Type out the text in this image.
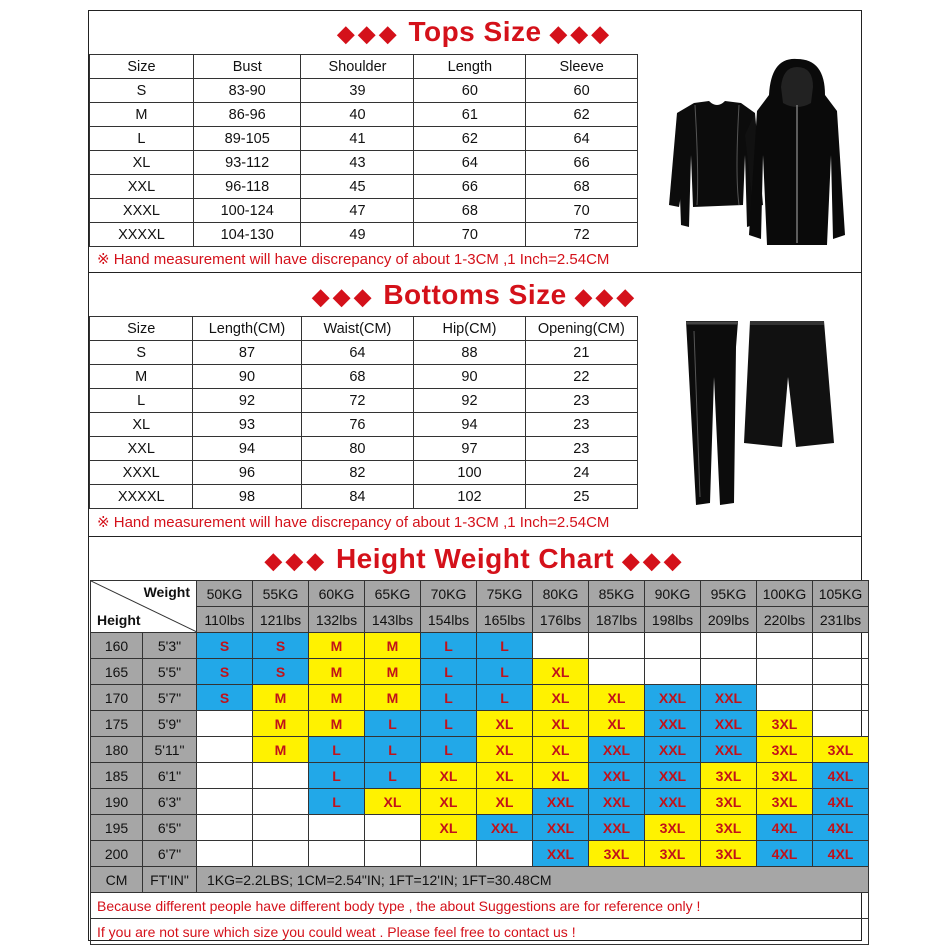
◆◆◆ Tops Size ◆◆◆
Size	Bust	Shoulder	Length	Sleeve
S	83-90	39	60	60
M	86-96	40	61	62
L	89-105	41	62	64
XL	93-112	43	64	66
XXL	96-118	45	66	68
XXXL	100-124	47	68	70
XXXXL	104-130	49	70	72
※ Hand measurement will have discrepancy of about 1-3CM ,1 Inch=2.54CM
◆◆◆ Bottoms Size ◆◆◆
Size	Length(CM)	Waist(CM)	Hip(CM)	Opening(CM)
S	87	64	88	21
M	90	68	90	22
L	92	72	92	23
XL	93	76	94	23
XXL	94	80	97	23
XXXL	96	82	100	24
XXXXL	98	84	102	25
※ Hand measurement will have discrepancy of about 1-3CM ,1 Inch=2.54CM
◆◆◆ Height Weight Chart ◆◆◆
Weight
Height		50KG	55KG	60KG	65KG	70KG	75KG	80KG	85KG	90KG	95KG	100KG	105KG
		110lbs	121lbs	132lbs	143lbs	154lbs	165lbs	176lbs	187lbs	198lbs	209lbs	220lbs	231lbs
160	5'3"	S	S	M	M	L	L						
165	5'5"	S	S	M	M	L	L	XL					
170	5'7"	S	M	M	M	L	L	XL	XL	XXL	XXL		
175	5'9"		M	M	L	L	XL	XL	XL	XXL	XXL	3XL	
180	5'11"		M	L	L	L	XL	XL	XXL	XXL	XXL	3XL	3XL
185	6'1"			L	L	XL	XL	XL	XXL	XXL	3XL	3XL	4XL
190	6'3"			L	XL	XL	XL	XXL	XXL	XXL	3XL	3XL	4XL
195	6'5"					XL	XXL	XXL	XXL	3XL	3XL	4XL	4XL
200	6'7"							XXL	3XL	3XL	3XL	4XL	4XL
CM	FT'IN"	1KG=2.2LBS; 1CM=2.54"IN; 1FT=12'IN; 1FT=30.48CM											
Because different people have different body type , the about Suggestions are for reference only !													
If you are not sure which size you could weat . Please feel free to contact us !													
